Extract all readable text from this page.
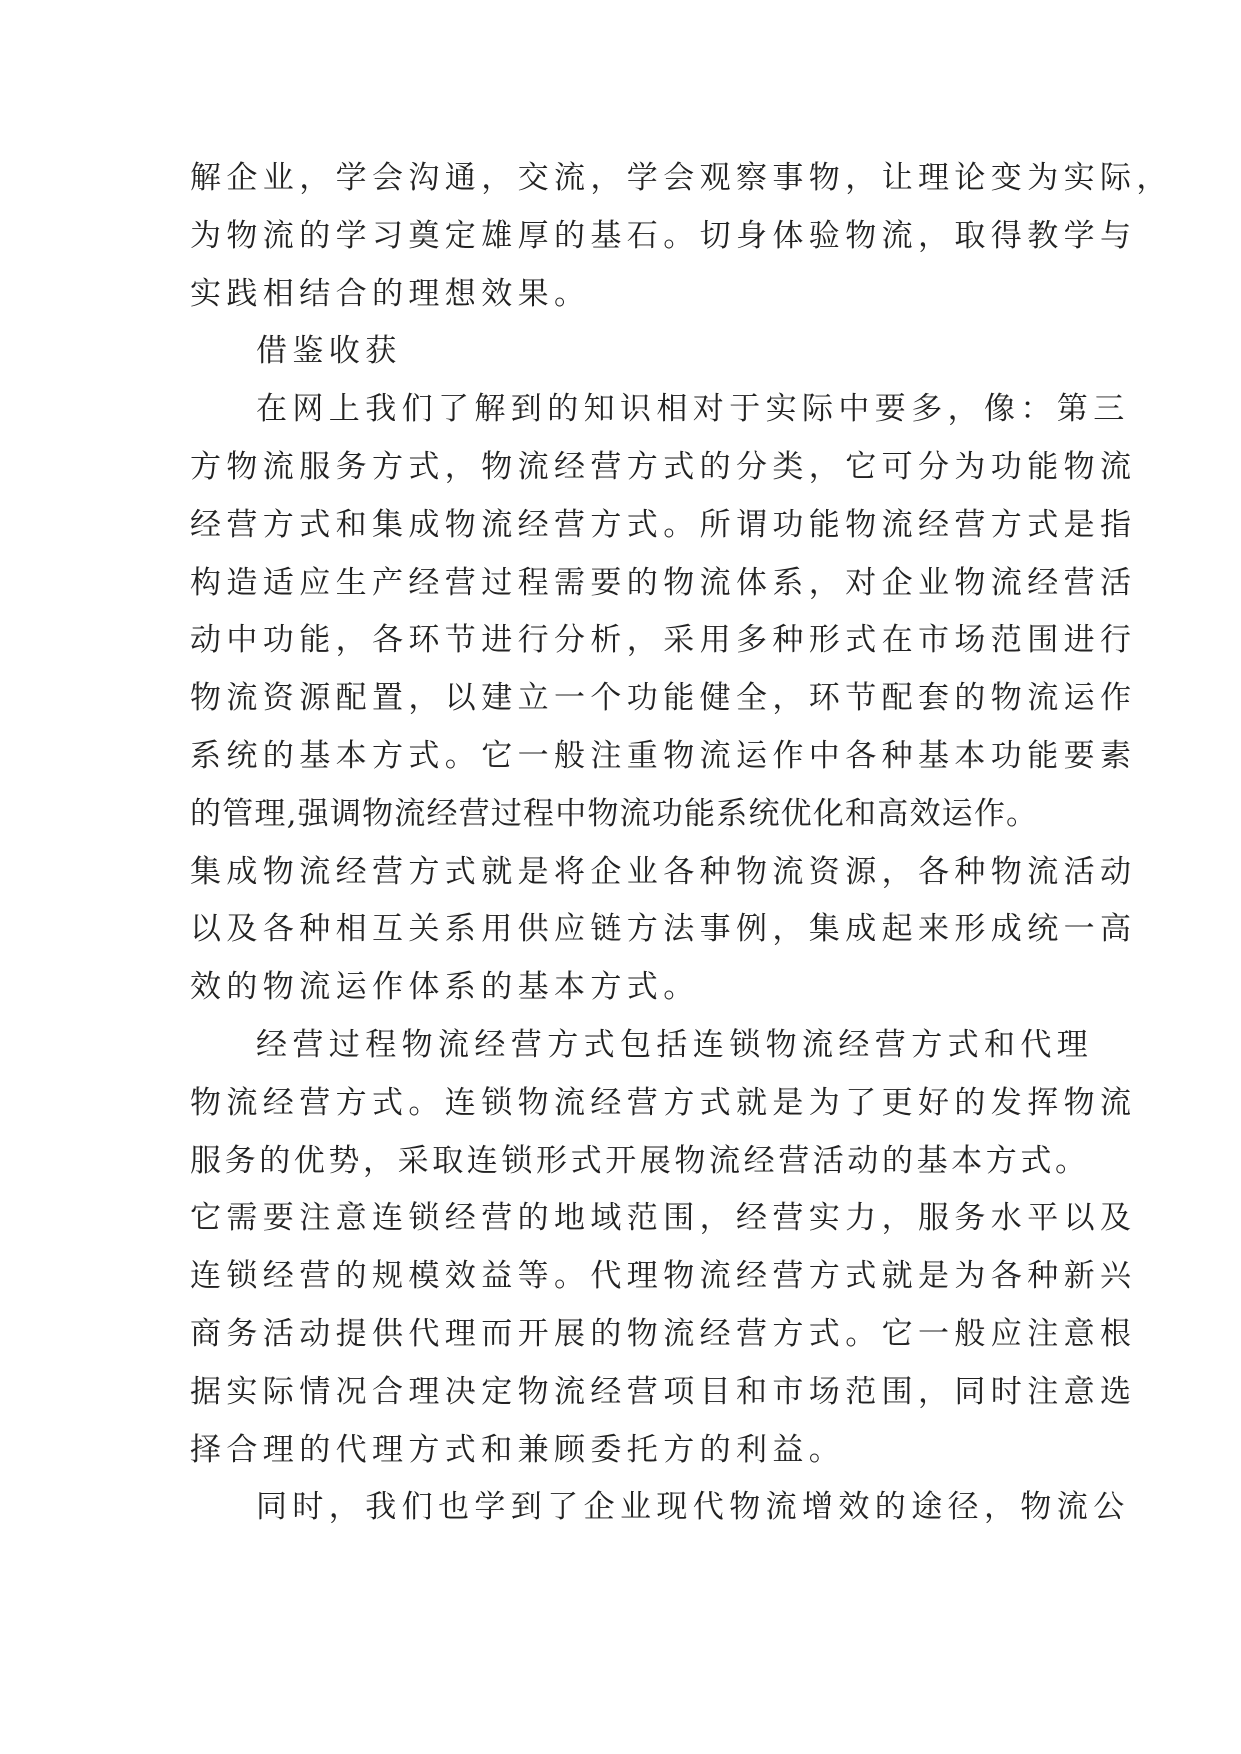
解企业，学会沟通，交流，学会观察事物，让理论变为实际，
为物流的学习奠定雄厚的基石。切身体验物流，取得教学与
实践相结合的理想效果。
借鉴收获
在网上我们了解到的知识相对于实际中要多，像：第三
方物流服务方式，物流经营方式的分类，它可分为功能物流
经营方式和集成物流经营方式。所谓功能物流经营方式是指
构造适应生产经营过程需要的物流体系，对企业物流经营活
动中功能，各环节进行分析，采用多种形式在市场范围进行
物流资源配置，以建立一个功能健全，环节配套的物流运作
系统的基本方式。它一般注重物流运作中各种基本功能要素
的管理,强调物流经营过程中物流功能系统优化和高效运作。
集成物流经营方式就是将企业各种物流资源，各种物流活动
以及各种相互关系用供应链方法事例，集成起来形成统一高
效的物流运作体系的基本方式。
经营过程物流经营方式包括连锁物流经营方式和代理
物流经营方式。连锁物流经营方式就是为了更好的发挥物流
服务的优势，采取连锁形式开展物流经营活动的基本方式。
它需要注意连锁经营的地域范围，经营实力，服务水平以及
连锁经营的规模效益等。代理物流经营方式就是为各种新兴
商务活动提供代理而开展的物流经营方式。它一般应注意根
据实际情况合理决定物流经营项目和市场范围，同时注意选
择合理的代理方式和兼顾委托方的利益。
同时，我们也学到了企业现代物流增效的途径，物流公
